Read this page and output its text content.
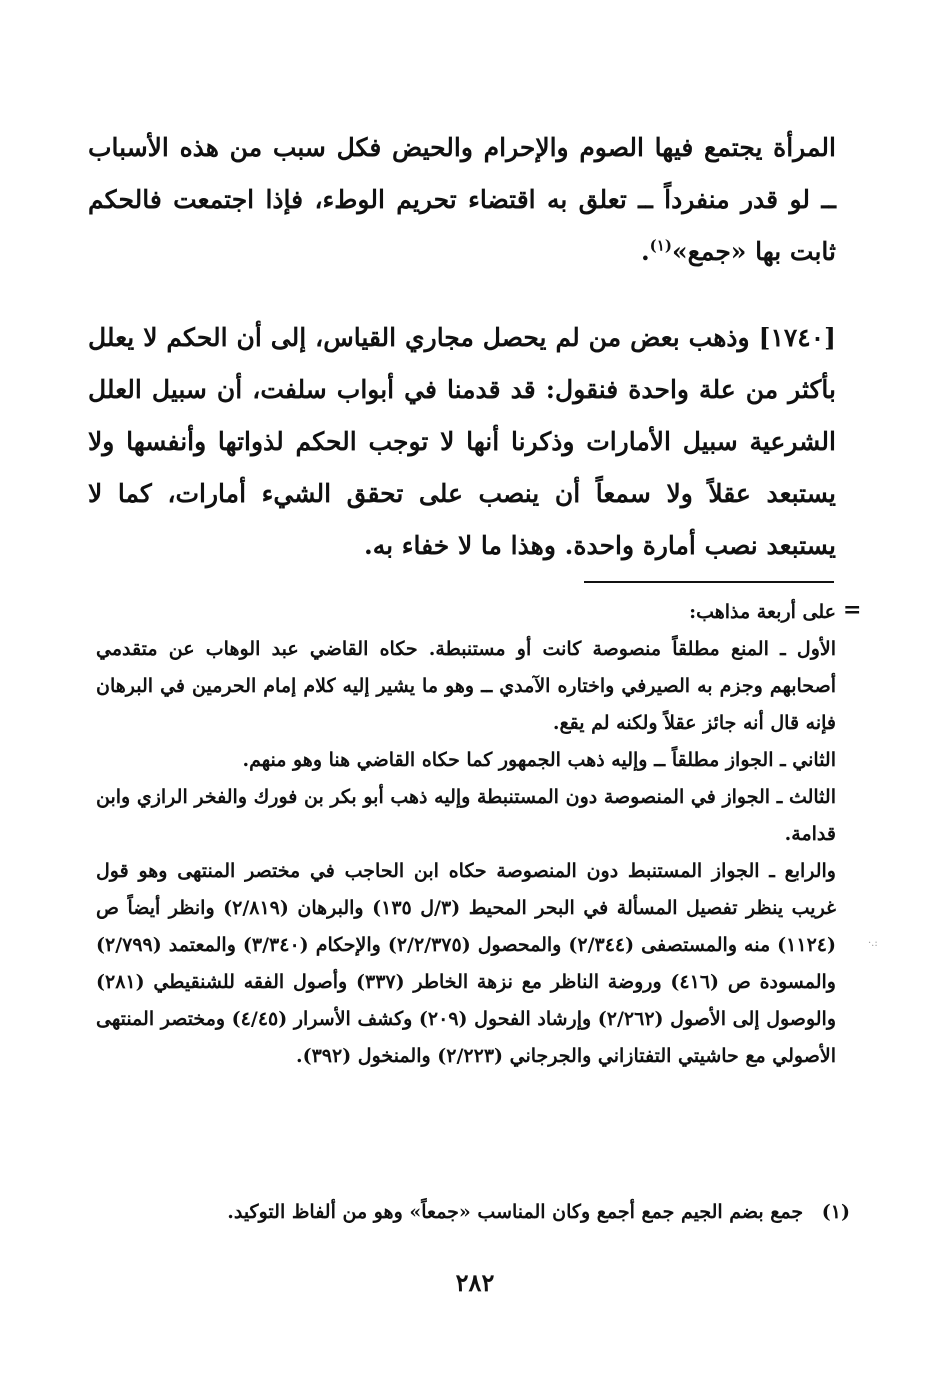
المرأة يجتمع فيها الصوم والإحرام والحيض فكل سبب من هذه الأسباب ــ لو قدر منفرداً ــ تعلق به اقتضاء تحريم الوطء، فإذا اجتمعت فالحكم ثابت بها «جمع»$^{(١)}$.

[١٧٤٠] وذهب بعض من لم يحصل مجاري القياس، إلى أن الحكم لا يعلل بأكثر من علة واحدة فنقول: قد قدمنا في أبواب سلفت، أن سبيل العلل الشرعية سبيل الأمارات وذكرنا أنها لا توجب الحكم لذواتها وأنفسها ولا يستبعد عقلاً ولا سمعاً أن ينصب على تحقق الشيء أمارات، كما لا يستبعد نصب أمارة واحدة. وهذا ما لا خفاء به.

=
على أربعة مذاهب:
الأول ـ المنع مطلقاً منصوصة كانت أو مستنبطة. حكاه القاضي عبد الوهاب عن متقدمي أصحابهم وجزم به الصيرفي واختاره الآمدي ــ وهو ما يشير إليه كلام إمام الحرمين في البرهان فإنه قال أنه جائز عقلاً ولكنه لم يقع.
الثاني ـ الجواز مطلقاً ــ وإليه ذهب الجمهور كما حكاه القاضي هنا وهو منهم.
الثالث ـ الجواز في المنصوصة دون المستنبطة وإليه ذهب أبو بكر بن فورك والفخر الرازي وابن قدامة.
والرابع ـ الجواز المستنبط دون المنصوصة حكاه ابن الحاجب في مختصر المنتهى وهو قول غريب ينظر تفصيل المسألة في البحر المحيط (٣/ل ١٣٥) والبرهان (٢/٨١٩) وانظر أيضاً ص (١١٢٤) منه والمستصفى (٢/٣٤٤) والمحصول (٢/٢/٣٧٥) والإحكام (٣/٣٤٠) والمعتمد (٢/٧٩٩) والمسودة ص (٤١٦) وروضة الناظر مع نزهة الخاطر (٣٣٧) وأصول الفقه للشنقيطي (٢٨١) والوصول إلى الأصول (٢/٢٦٢) وإرشاد الفحول (٢٠٩) وكشف الأسرار (٤/٤٥) ومختصر المنتهى الأصولي مع حاشيتي التفتازاني والجرجاني (٢/٢٢٣) والمنخول (٣٩٢).
(١) جمع بضم الجيم جمع أجمع وكان المناسب «جمعاً» وهو من ألفاظ التوكيد.
·.:
٢٨٢
